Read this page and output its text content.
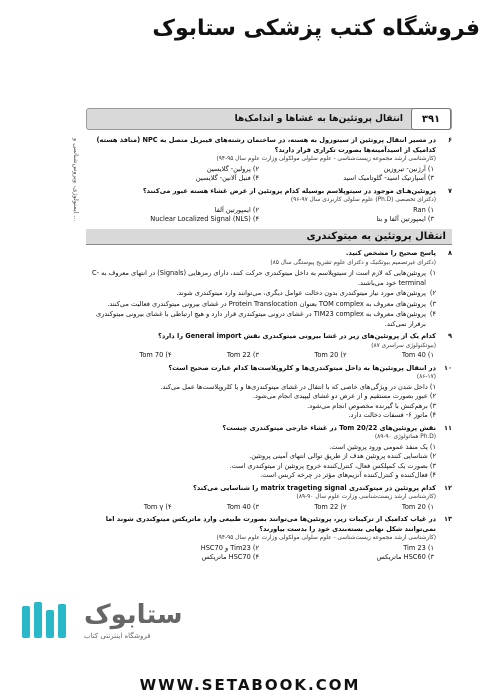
فروشگاه کتب پزشکی ستابوک
۳۹۱
انتقال پروتئین‌ها به غشاها و اندامک‌ها
ایمنولوژی، ویروس‌شناسی و ...
۶
در مسیر انتقال پروتئین از سیتوزول به هسته، در ساختمان رشته‌های فیبریل متصل به NPC (منافذ هسته) کدامیک از اسیدآمینه‌ها بصورت تکراری قرار دارند؟
(کارشناسی ارشد مجموعه زیست‌شناسی - علوم سلولی مولکولی وزارت علوم سال ۹۵-۹۴)
۱) آرژنین- تیروزین
۲) پرولین- گلایسین
۳) آسپارتیک اسید- گلوتامیک اسید
۴) فنیل آلانین- گلایسین
۷
پروتئین‌هـای موجود در سیتوپلاسم بوسیله کدام پروتئین از عرض غشاء هسته عبور می‌کنند؟
(دکترای تخصصی (Ph.D) علوم سلولی کاربردی سال ۹۷-۹۶)
۱) Ran
۲) ایمپورتین آلفا
۳) ایمپورتین آلفا و بتا
۴) Nuclear Localized Signal (NLS)
انتقال پروتئین به میتوکندری
۸
پاسخ صحیح را مشخص کنید.
(دکترای غیرتصمیم بیوتکنیک و دکترای علوم تشریح پیوستگی سال ۸۵)
۱)
پروتئین‌هایی که لازم است از سیتوپلاسم به داخل میتوکندری حرکت کنند، دارای رمزهایی (Signals) در انتهای معروف به C-terminal خود می‌باشند.
۲)
پروتئین‌های مورد نیاز میتوکندری بدون دخالت عوامل دیگری، می‌توانند وارد میتوکندری شوند.
۳)
پروتئین‌های معروف به TOM complex بعنوان Protein Translocation در غشای بیرونی میتوکندری فعالیت می‌کنند.
۴)
پروتئین‌های معروف به TIM23 complex در غشای درونی میتوکندری قرار دارد و هیچ ارتباطی با غشای بیرونی میتوکندری برقرار نمی‌کند.
۹
کدام یک از پروتئین‌های زیر در غشا بیرونی میتوکندری نقش General import را دارد؟
(بیوتکنولوژی سراسری ۸۷)
۱) Tom 40
۲) Tom 20
۳) Tom 22
۴) Tom 70
۱۰
در انتقال پروتئین‌ها به داخل میتوکندری‌ها و کلروپلاست‌ها کدام عبارت صحیح است؟
(۸۶-۱۷)
۱) داخل شدن در ویژگی‌های خاصی که با انتقال در غشای میتوکندری‌ها و یا کلروپلاست‌ها عمل می‌کند.
۲) عبور بصورت مستقیم و از عرض دو غشای لیپیدی انجام می‌شود.
۳) برهم‌کنش با گیرنده مخصوص انجام می‌شود.
۴) ماتوز ۶- فسفات دخالت دارد.
۱۱
نقش پروتئین‌های Tom 20/22 در غشاء خارجی میتوکندری چیست؟
(Ph.D هماتولوژی ۹۰-۸۹)
۱) یک منفذ عمومی ورود پروتئین است.
۲) شناسایی کننده پروتئین هدف از طریق توالی انتهای آمینی پروتئین.
۳) بصورت یک کمپلکس فعال، کنترل‌کننده خروج پروتئین از میتوکندری است.
۴) فعال‌کننده و کنترل‌کننده آنزیم‌های مؤثر در چرخه کربس است.
۱۲
کدام پروتئین در میتوکندری matrix trageting signal را شناسایی می‌کند؟
(کارشناسی ارشد زیست‌شناسی وزارت علوم سال ۹۰-۸۹)
۱) Tom 20
۲) Tom 22
۳) Tom 40
۴) Tom γ
۱۳
در غیاب کدامیک از ترکیبات زیر، پروتئین‌ها می‌توانند بصورت طبیعی وارد ماتریکس میتوکندری شوند اما نمی‌توانند شکل نهایی بسته‌بندی خود را بدست بیاورند؟
(کارشناسی ارشد مجموعه زیست‌شناسی - علوم سلولی مولکولی وزارت علوم سال ۹۵-۹۴)
۱) Tim 23
۲) Tim23 و HSC70
۳) HSC60 ماتریکس
۴) HSC70 ماتریکس
ستابوک
فروشگاه اینترنتی کتاب
WWW.SETABOOK.COM
